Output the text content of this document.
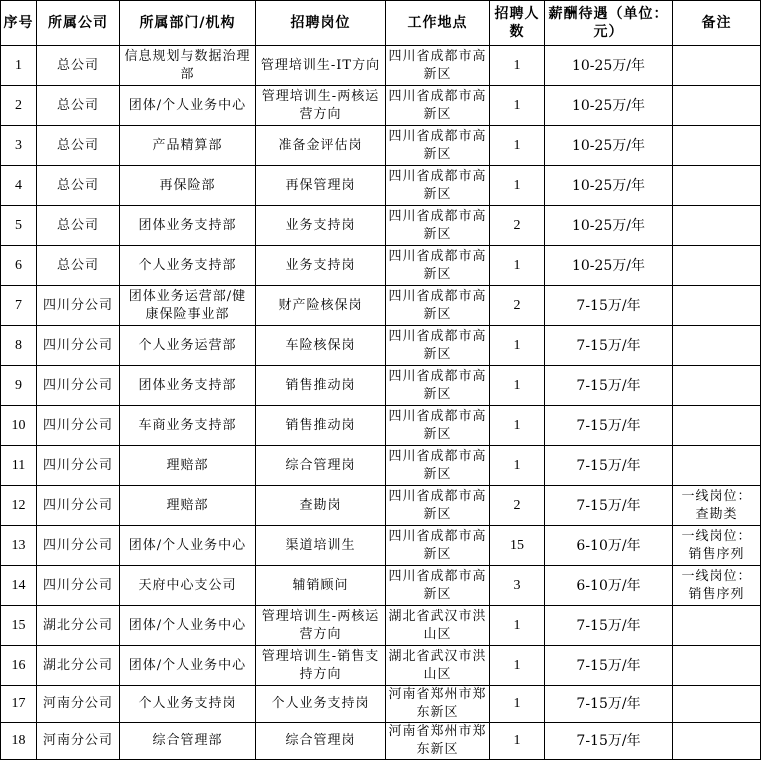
序号	所属公司	所属部门/机构	招聘岗位	工作地点	招聘人数	薪酬待遇（单位：元）	备注
1	总公司	信息规划与数据治理部	管理培训生-IT方向	四川省成都市高新区	1	10-25万/年	
2	总公司	团体/个人业务中心	管理培训生-两核运营方向	四川省成都市高新区	1	10-25万/年	
3	总公司	产品精算部	准备金评估岗	四川省成都市高新区	1	10-25万/年	
4	总公司	再保险部	再保管理岗	四川省成都市高新区	1	10-25万/年	
5	总公司	团体业务支持部	业务支持岗	四川省成都市高新区	2	10-25万/年	
6	总公司	个人业务支持部	业务支持岗	四川省成都市高新区	1	10-25万/年	
7	四川分公司	团体业务运营部/健康保险事业部	财产险核保岗	四川省成都市高新区	2	7-15万/年	
8	四川分公司	个人业务运营部	车险核保岗	四川省成都市高新区	1	7-15万/年	
9	四川分公司	团体业务支持部	销售推动岗	四川省成都市高新区	1	7-15万/年	
10	四川分公司	车商业务支持部	销售推动岗	四川省成都市高新区	1	7-15万/年	
11	四川分公司	理赔部	综合管理岗	四川省成都市高新区	1	7-15万/年	
12	四川分公司	理赔部	查勘岗	四川省成都市高新区	2	7-15万/年	一线岗位：查勘类
13	四川分公司	团体/个人业务中心	渠道培训生	四川省成都市高新区	15	6-10万/年	一线岗位：销售序列
14	四川分公司	天府中心支公司	辅销顾问	四川省成都市高新区	3	6-10万/年	一线岗位：销售序列
15	湖北分公司	团体/个人业务中心	管理培训生-两核运营方向	湖北省武汉市洪山区	1	7-15万/年	
16	湖北分公司	团体/个人业务中心	管理培训生-销售支持方向	湖北省武汉市洪山区	1	7-15万/年	
17	河南分公司	个人业务支持岗	个人业务支持岗	河南省郑州市郑东新区	1	7-15万/年	
18	河南分公司	综合管理部	综合管理岗	河南省郑州市郑东新区	1	7-15万/年	
